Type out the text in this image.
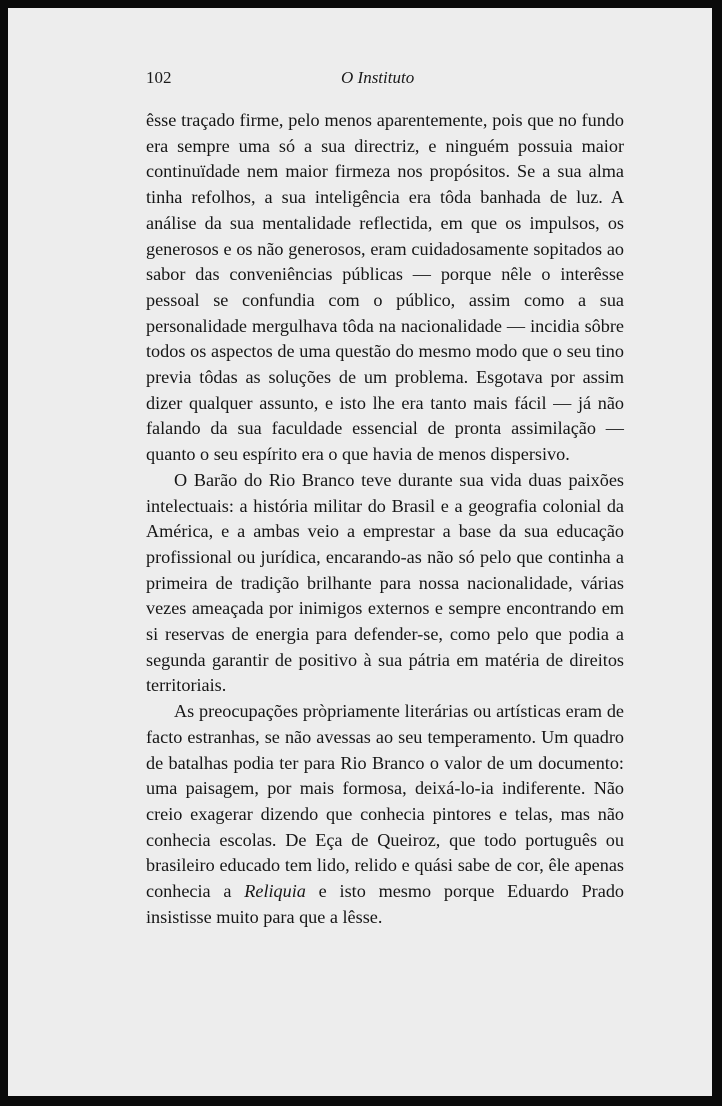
102	O Instituto

êsse traçado firme, pelo menos aparentemente, pois que no fundo era sempre uma só a sua directriz, e ninguém possuia maior continuïdade nem maior firmeza nos propósitos. Se a sua alma tinha refolhos, a sua inteligência era tôda banhada de luz. A análise da sua mentalidade reflectida, em que os impulsos, os generosos e os não generosos, eram cuidadosamente sopitados ao sabor das conveniências públicas — porque nêle o interêsse pessoal se confundia com o público, assim como a sua personalidade mergulhava tôda na nacionalidade — incidia sôbre todos os aspectos de uma questão do mesmo modo que o seu tino previa tôdas as soluções de um problema. Esgotava por assim dizer qualquer assunto, e isto lhe era tanto mais fácil — já não falando da sua faculdade essencial de pronta assimilação — quanto o seu espírito era o que havia de menos dispersivo.

O Barão do Rio Branco teve durante sua vida duas paixões intelectuais: a história militar do Brasil e a geografia colonial da América, e a ambas veio a emprestar a base da sua educação profissional ou jurídica, encarando-as não só pelo que continha a primeira de tradição brilhante para nossa nacionalidade, várias vezes ameaçada por inimigos externos e sempre encontrando em si reservas de energia para defender-se, como pelo que podia a segunda garantir de positivo à sua pátria em matéria de direitos territoriais.

As preocupações pròpriamente literárias ou artísticas eram de facto estranhas, se não avessas ao seu temperamento. Um quadro de batalhas podia ter para Rio Branco o valor de um documento: uma paisagem, por mais formosa, deixá-lo-ia indiferente. Não creio exagerar dizendo que conhecia pintores e telas, mas não conhecia escolas. De Eça de Queiroz, que todo português ou brasileiro educado tem lido, relido e quási sabe de cor, êle apenas conhecia a Reliquia e isto mesmo porque Eduardo Prado insistisse muito para que a lêsse.
